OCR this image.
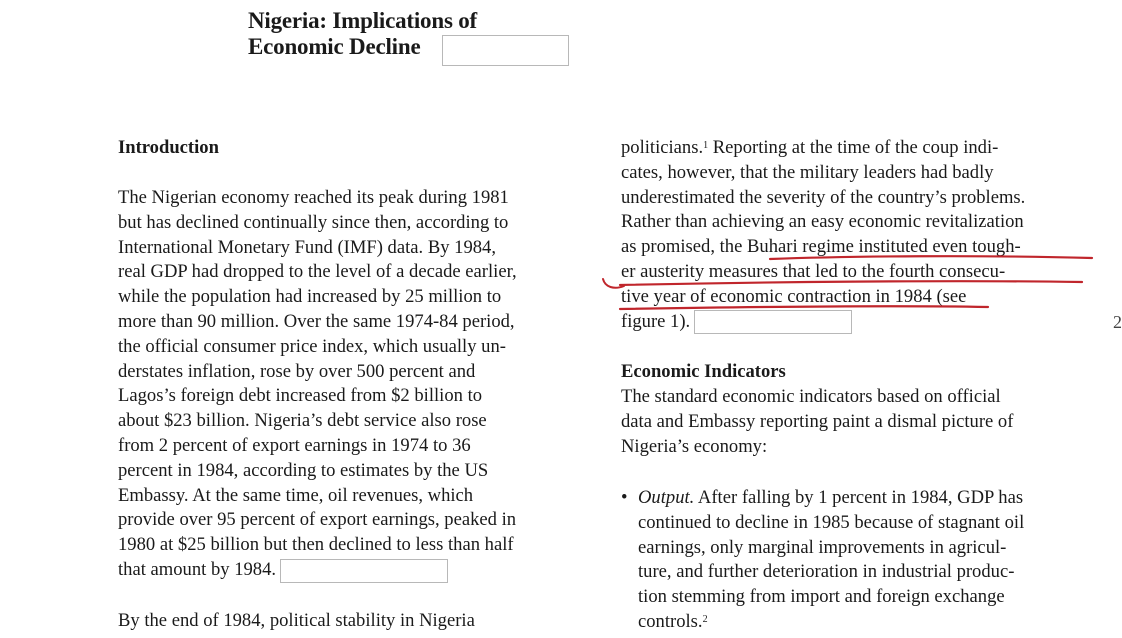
Nigeria: Implications of
Economic Decline
Introduction
The Nigerian economy reached its peak during 1981
but has declined continually since then, according to
International Monetary Fund (IMF) data. By 1984,
real GDP had dropped to the level of a decade earlier,
while the population had increased by 25 million to
more than 90 million. Over the same 1974-84 period,
the official consumer price index, which usually un-
derstates inflation, rose by over 500 percent and
Lagos’s foreign debt increased from $2 billion to
about $23 billion. Nigeria’s debt service also rose
from 2 percent of export earnings in 1974 to 36
percent in 1984, according to estimates by the US
Embassy. At the same time, oil revenues, which
provide over 95 percent of export earnings, peaked in
1980 at $25 billion but then declined to less than half
that amount by 1984.
By the end of 1984, political stability in Nigeria
politicians.$^1$ Reporting at the time of the coup indi-
cates, however, that the military leaders had badly
underestimated the severity of the country’s problems.
Rather than achieving an easy economic revitalization
as promised, the Buhari regime instituted even tough-
er austerity measures that led to the fourth consecu-
tive year of economic contraction in 1984 (see
figure 1).
Economic Indicators
The standard economic indicators based on official
data and Embassy reporting paint a dismal picture of
Nigeria’s economy:
• Output. After falling by 1 percent in 1984, GDP has
continued to decline in 1985 because of stagnant oil
earnings, only marginal improvements in agricul-
ture, and further deterioration in industrial produc-
tion stemming from import and foreign exchange
controls.$^2$
2
